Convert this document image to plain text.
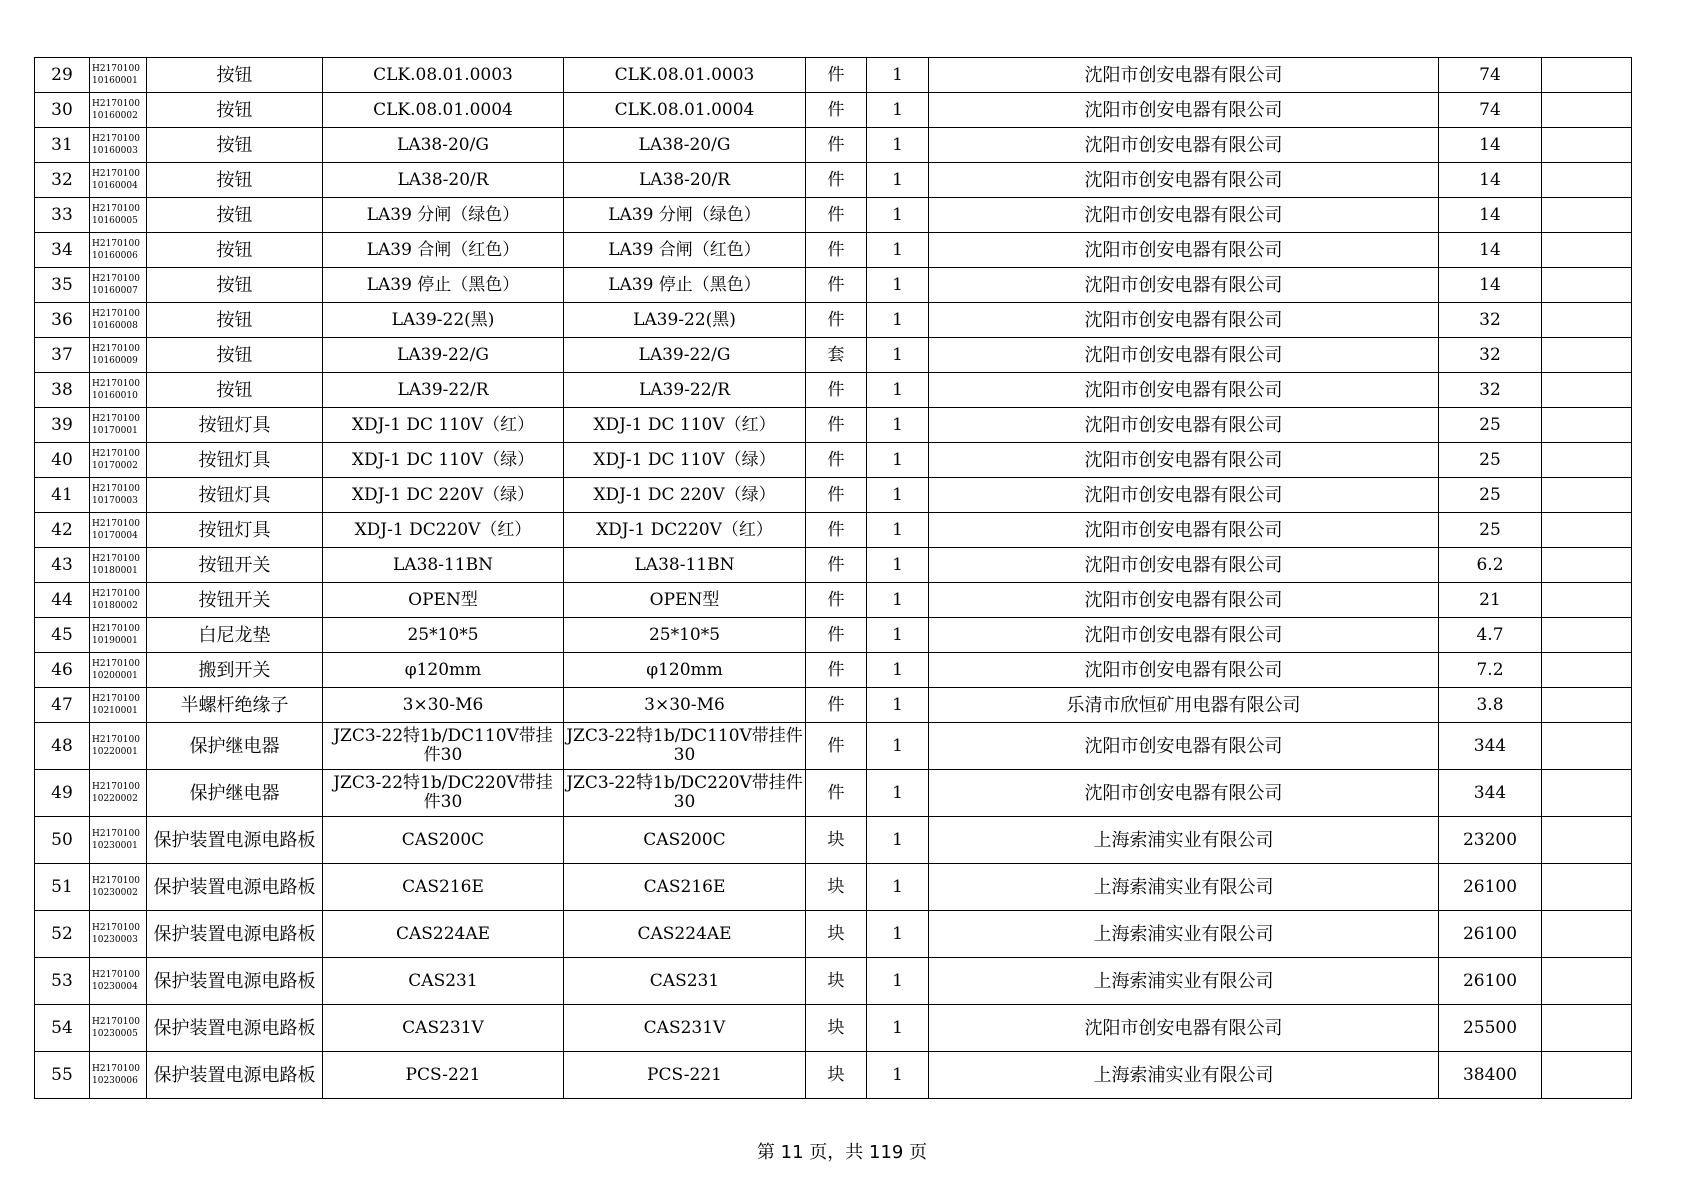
29	H2170100 10160001	按钮	CLK.08.01.0003	CLK.08.01.0003	件	1	沈阳市创安电器有限公司	74	
30	H2170100 10160002	按钮	CLK.08.01.0004	CLK.08.01.0004	件	1	沈阳市创安电器有限公司	74	
31	H2170100 10160003	按钮	LA38-20/G	LA38-20/G	件	1	沈阳市创安电器有限公司	14	
32	H2170100 10160004	按钮	LA38-20/R	LA38-20/R	件	1	沈阳市创安电器有限公司	14	
33	H2170100 10160005	按钮	LA39 分闸（绿色）	LA39 分闸（绿色）	件	1	沈阳市创安电器有限公司	14	
34	H2170100 10160006	按钮	LA39 合闸（红色）	LA39 合闸（红色）	件	1	沈阳市创安电器有限公司	14	
35	H2170100 10160007	按钮	LA39 停止（黑色）	LA39 停止（黑色）	件	1	沈阳市创安电器有限公司	14	
36	H2170100 10160008	按钮	LA39-22(黑)	LA39-22(黑)	件	1	沈阳市创安电器有限公司	32	
37	H2170100 10160009	按钮	LA39-22/G	LA39-22/G	套	1	沈阳市创安电器有限公司	32	
38	H2170100 10160010	按钮	LA39-22/R	LA39-22/R	件	1	沈阳市创安电器有限公司	32	
39	H2170100 10170001	按钮灯具	XDJ-1 DC 110V（红）	XDJ-1 DC 110V（红）	件	1	沈阳市创安电器有限公司	25	
40	H2170100 10170002	按钮灯具	XDJ-1 DC 110V（绿）	XDJ-1 DC 110V（绿）	件	1	沈阳市创安电器有限公司	25	
41	H2170100 10170003	按钮灯具	XDJ-1 DC 220V（绿）	XDJ-1 DC 220V（绿）	件	1	沈阳市创安电器有限公司	25	
42	H2170100 10170004	按钮灯具	XDJ-1 DC220V（红）	XDJ-1 DC220V（红）	件	1	沈阳市创安电器有限公司	25	
43	H2170100 10180001	按钮开关	LA38-11BN	LA38-11BN	件	1	沈阳市创安电器有限公司	6.2	
44	H2170100 10180002	按钮开关	OPEN型	OPEN型	件	1	沈阳市创安电器有限公司	21	
45	H2170100 10190001	白尼龙垫	25*10*5	25*10*5	件	1	沈阳市创安电器有限公司	4.7	
46	H2170100 10200001	搬到开关	φ120mm	φ120mm	件	1	沈阳市创安电器有限公司	7.2	
47	H2170100 10210001	半螺杆绝缘子	3×30-M6	3×30-M6	件	1	乐清市欣恒矿用电器有限公司	3.8	
48	H2170100 10220001	保护继电器	JZC3-22特1b/DC110V带挂件30	JZC3-22特1b/DC110V带挂件30	件	1	沈阳市创安电器有限公司	344	
49	H2170100 10220002	保护继电器	JZC3-22特1b/DC220V带挂件30	JZC3-22特1b/DC220V带挂件30	件	1	沈阳市创安电器有限公司	344	
50	H2170100 10230001	保护装置电源电路板	CAS200C	CAS200C	块	1	上海索浦实业有限公司	23200	
51	H2170100 10230002	保护装置电源电路板	CAS216E	CAS216E	块	1	上海索浦实业有限公司	26100	
52	H2170100 10230003	保护装置电源电路板	CAS224AE	CAS224AE	块	1	上海索浦实业有限公司	26100	
53	H2170100 10230004	保护装置电源电路板	CAS231	CAS231	块	1	上海索浦实业有限公司	26100	
54	H2170100 10230005	保护装置电源电路板	CAS231V	CAS231V	块	1	沈阳市创安电器有限公司	25500	
55	H2170100 10230006	保护装置电源电路板	PCS-221	PCS-221	块	1	上海索浦实业有限公司	38400	
第 11 页，共 119 页
